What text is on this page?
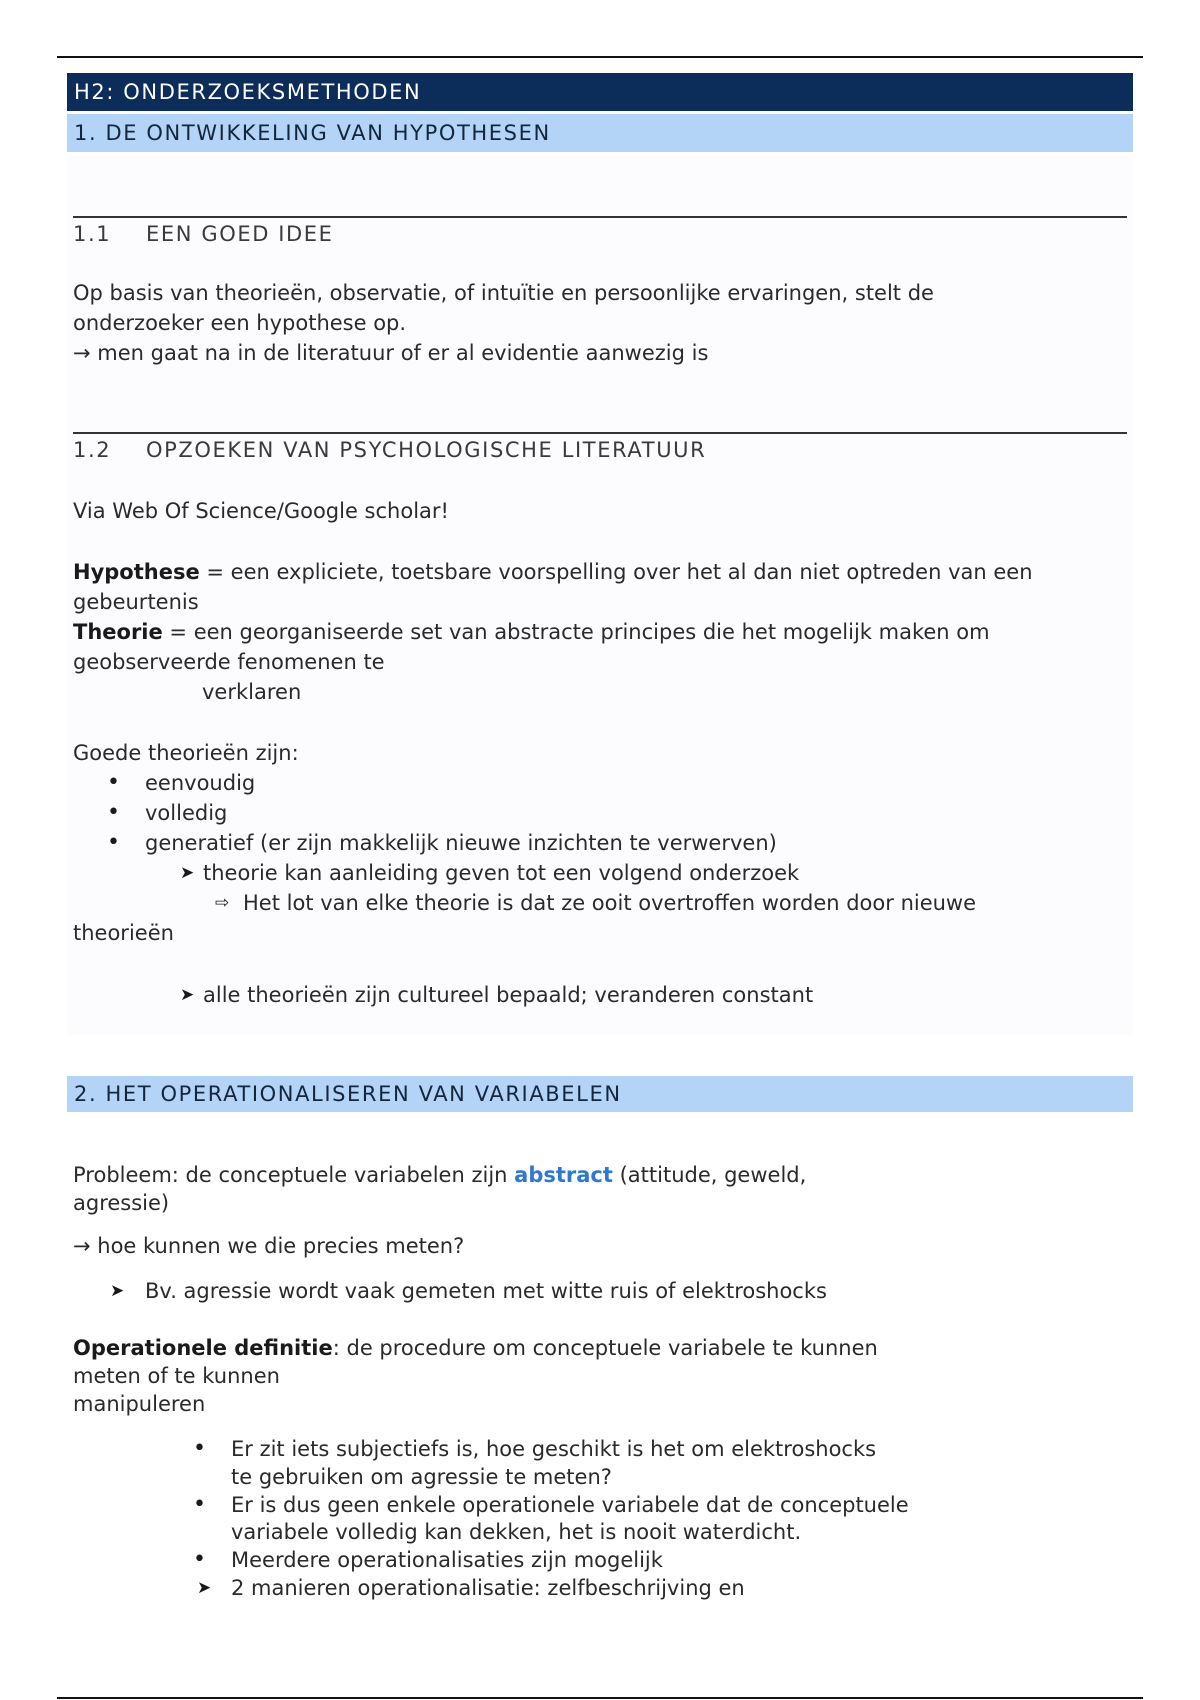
H2: ONDERZOEKSMETHODEN
1. DE ONTWIKKELING VAN HYPOTHESEN
1.1 EEN GOED IDEE
Op basis van theorieën, observatie, of intuïtie en persoonlijke ervaringen, stelt de
onderzoeker een hypothese op.
→ men gaat na in de literatuur of er al evidentie aanwezig is
1.2 OPZOEKEN VAN PSYCHOLOGISCHE LITERATUUR
Via Web Of Science/Google scholar!
Hypothese = een expliciete, toetsbare voorspelling over het al dan niet optreden van een
gebeurtenis
Theorie = een georganiseerde set van abstracte principes die het mogelijk maken om
geobserveerde fenomenen te
verklaren
Goede theorieën zijn:
• eenvoudig
• volledig
• generatief (er zijn makkelijk nieuwe inzichten te verwerven)
➤ theorie kan aanleiding geven tot een volgend onderzoek
⇨ Het lot van elke theorie is dat ze ooit overtroffen worden door nieuwe
theorieën
➤ alle theorieën zijn cultureel bepaald; veranderen constant
2. HET OPERATIONALISEREN VAN VARIABELEN
Probleem: de conceptuele variabelen zijn abstract (attitude, geweld,
agressie)
→ hoe kunnen we die precies meten?
➤ Bv. agressie wordt vaak gemeten met witte ruis of elektroshocks
Operationele definitie: de procedure om conceptuele variabele te kunnen
meten of te kunnen
manipuleren
• Er zit iets subjectiefs is, hoe geschikt is het om elektroshocks
te gebruiken om agressie te meten?
• Er is dus geen enkele operationele variabele dat de conceptuele
variabele volledig kan dekken, het is nooit waterdicht.
• Meerdere operationalisaties zijn mogelijk
➤ 2 manieren operationalisatie: zelfbeschrijving en
